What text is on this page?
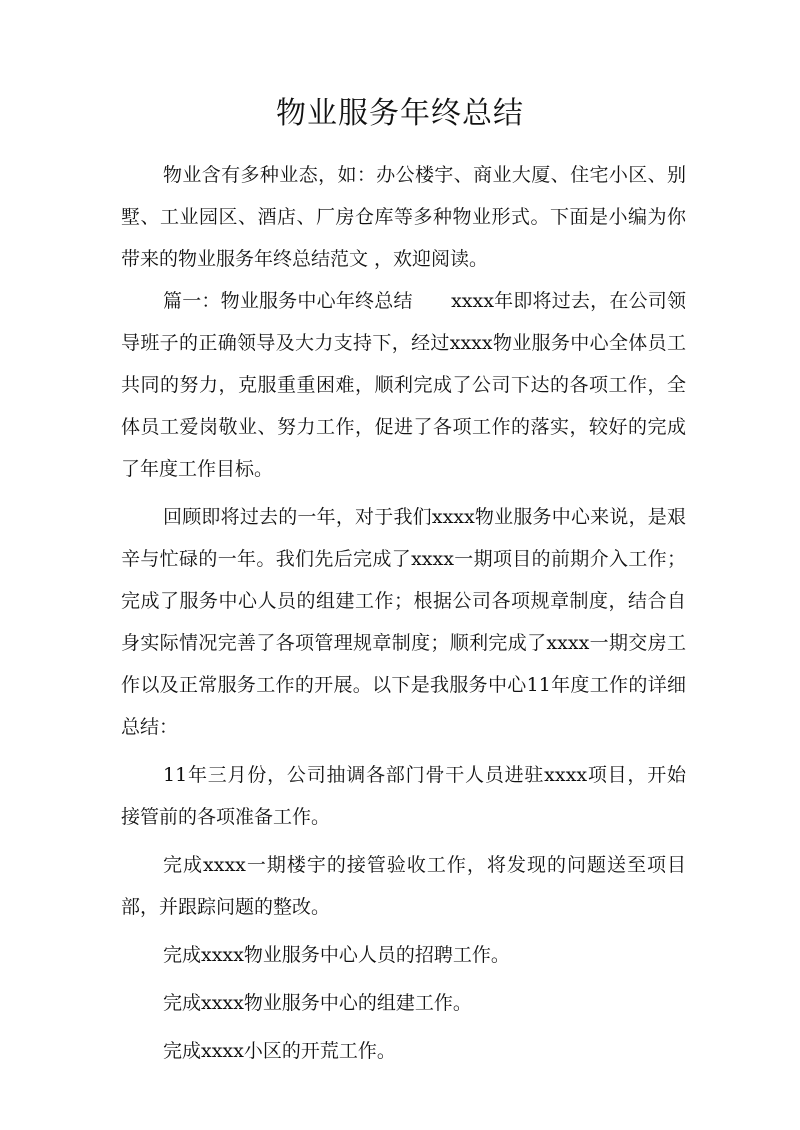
物业服务年终总结

物业含有多种业态，如：办公楼宇、商业大厦、住宅小区、别墅、工业园区、酒店、厂房仓库等多种物业形式。下面是小编为你带来的物业服务年终总结范文 ，欢迎阅读。

篇一：物业服务中心年终总结　　xxxx年即将过去，在公司领导班子的正确领导及大力支持下，经过xxxx物业服务中心全体员工共同的努力，克服重重困难，顺利完成了公司下达的各项工作，全体员工爱岗敬业、努力工作，促进了各项工作的落实，较好的完成了年度工作目标。

回顾即将过去的一年，对于我们xxxx物业服务中心来说，是艰辛与忙碌的一年。我们先后完成了xxxx一期项目的前期介入工作；完成了服务中心人员的组建工作；根据公司各项规章制度，结合自身实际情况完善了各项管理规章制度；顺利完成了xxxx一期交房工作以及正常服务工作的开展。以下是我服务中心11年度工作的详细总结：

11年三月份，公司抽调各部门骨干人员进驻xxxx项目，开始接管前的各项准备工作。

完成xxxx一期楼宇的接管验收工作，将发现的问题送至项目部，并跟踪问题的整改。

完成xxxx物业服务中心人员的招聘工作。

完成xxxx物业服务中心的组建工作。

完成xxxx小区的开荒工作。
